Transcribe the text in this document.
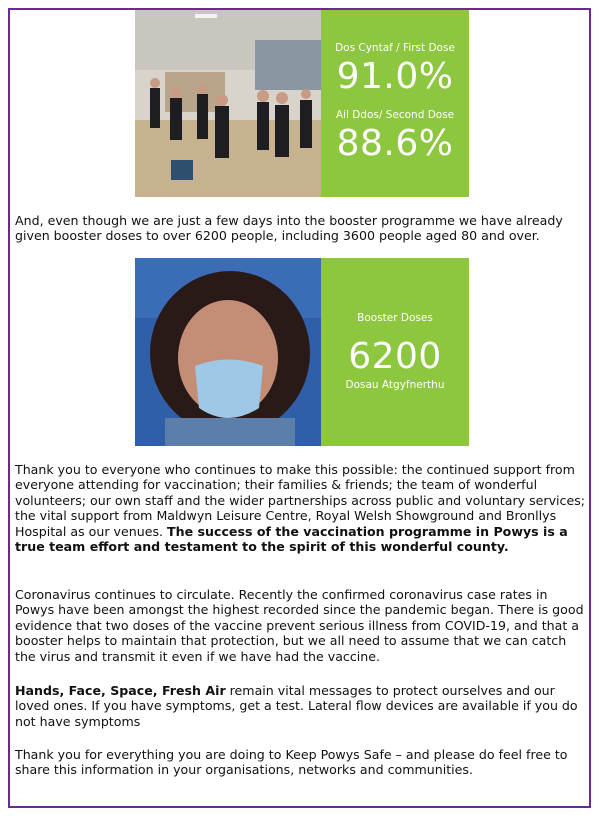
Dos Cyntaf / First Dose
91.0%
Ail Ddos/ Second Dose
88.6%

And, even though we are just a few days into the booster programme we have already given booster doses to over 6200 people, including 3600 people aged 80 and over.

Booster Doses
6200
Dosau Atgyfnerthu

Thank you to everyone who continues to make this possible: the continued support from everyone attending for vaccination; their families & friends; the team of wonderful volunteers; our own staff and the wider partnerships across public and voluntary services; the vital support from Maldwyn Leisure Centre, Royal Welsh Showground and Bronllys Hospital as our venues. The success of the vaccination programme in Powys is a true team effort and testament to the spirit of this wonderful county.

Coronavirus continues to circulate. Recently the confirmed coronavirus case rates in Powys have been amongst the highest recorded since the pandemic began. There is good evidence that two doses of the vaccine prevent serious illness from COVID-19, and that a booster helps to maintain that protection, but we all need to assume that we can catch the virus and transmit it even if we have had the vaccine.

Hands, Face, Space, Fresh Air remain vital messages to protect ourselves and our loved ones. If you have symptoms, get a test. Lateral flow devices are available if you do not have symptoms

Thank you for everything you are doing to Keep Powys Safe – and please do feel free to share this information in your organisations, networks and communities.
